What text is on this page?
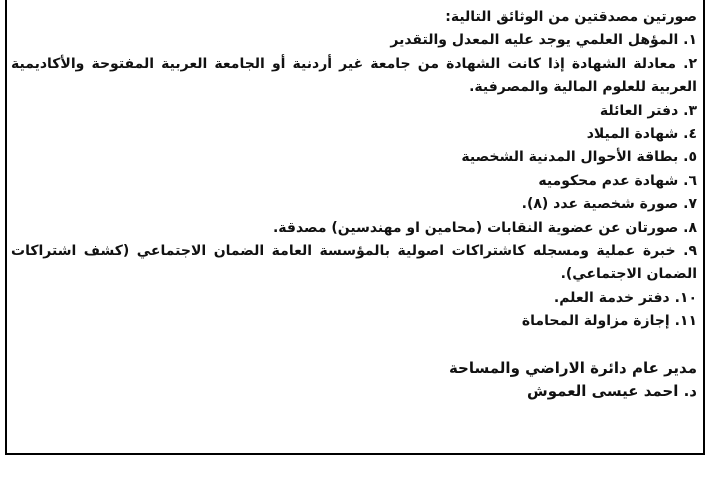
صورتين مصدقتين من الوثائق التالية:
١. المؤهل العلمي يوجد عليه المعدل والتقدير
٢. معادلة الشهادة إذا كانت الشهادة من جامعة غير أردنية أو الجامعة العربية المفتوحة والأكاديمية
العربية للعلوم المالية والمصرفية.
٣. دفتر العائلة
٤. شهادة الميلاد
٥. بطاقة الأحوال المدنية الشخصية
٦. شهادة عدم محكوميه
٧. صورة شخصية عدد (٨).
٨. صورتان عن عضوية النقابات (محامين او مهندسين) مصدقة.
٩. خبرة عملية ومسجله كاشتراكات اصولية بالمؤسسة العامة الضمان الاجتماعي (كشف اشتراكات
الضمان الاجتماعي).
١٠. دفتر خدمة العلم.
١١. إجازة مزاولة المحاماة
مدير عام دائرة الاراضي والمساحة
د. احمد عيسى العموش
